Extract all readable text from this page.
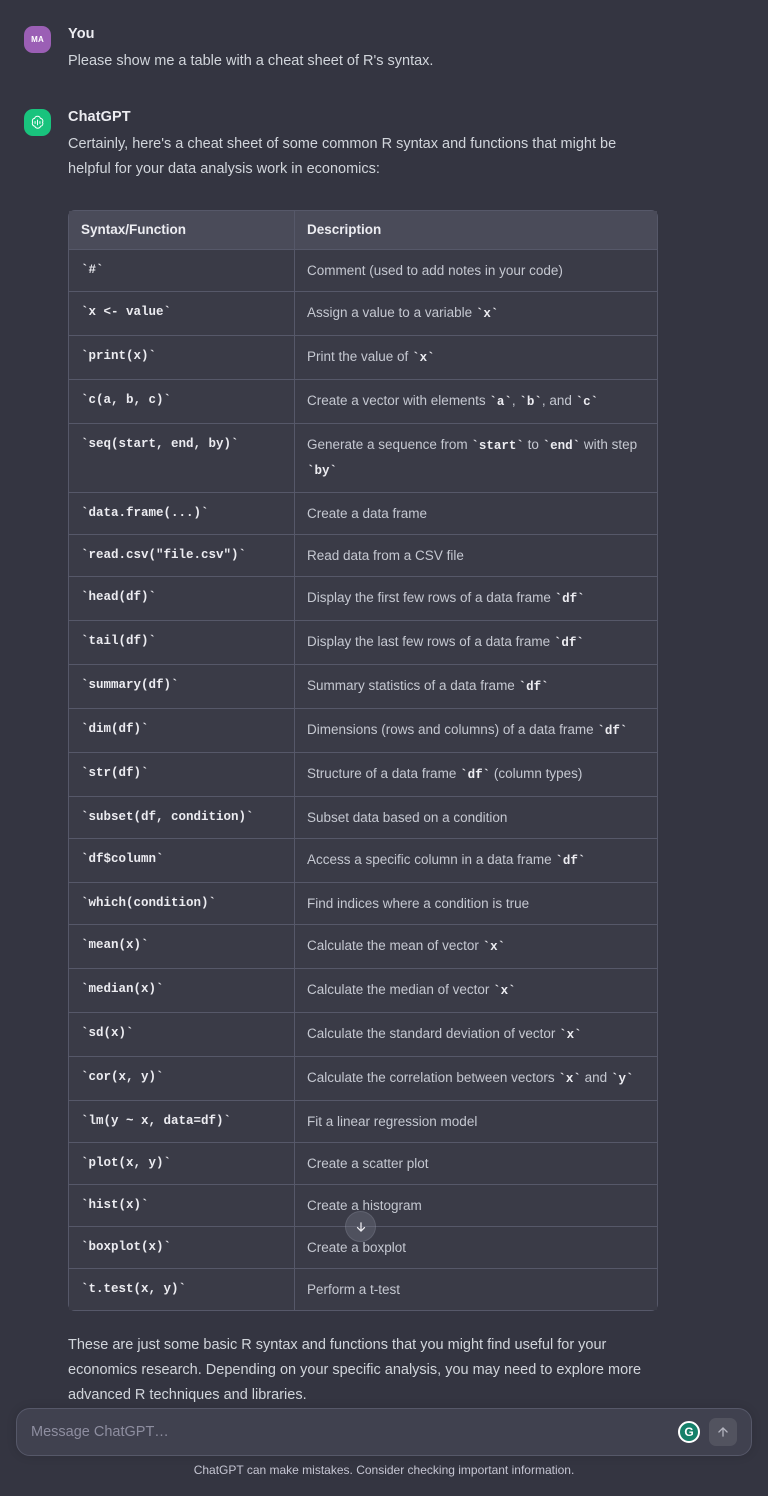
MA You
Please show me a table with a cheat sheet of R's syntax.
ChatGPT
Certainly, here's a cheat sheet of some common R syntax and functions that might be helpful for your data analysis work in economics:
Syntax/Function	Description
`#`	Comment (used to add notes in your code)
`x <- value`	Assign a value to a variable `x`
`print(x)`	Print the value of `x`
`c(a, b, c)`	Create a vector with elements `a`, `b`, and `c`
`seq(start, end, by)`	Generate a sequence from `start` to `end` with step `by`
`data.frame(...)`	Create a data frame
`read.csv("file.csv")`	Read data from a CSV file
`head(df)`	Display the first few rows of a data frame `df`
`tail(df)`	Display the last few rows of a data frame `df`
`summary(df)`	Summary statistics of a data frame `df`
`dim(df)`	Dimensions (rows and columns) of a data frame `df`
`str(df)`	Structure of a data frame `df` (column types)
`subset(df, condition)`	Subset data based on a condition
`df$column`	Access a specific column in a data frame `df`
`which(condition)`	Find indices where a condition is true
`mean(x)`	Calculate the mean of vector `x`
`median(x)`	Calculate the median of vector `x`
`sd(x)`	Calculate the standard deviation of vector `x`
`cor(x, y)`	Calculate the correlation between vectors `x` and `y`
`lm(y ~ x, data=df)`	Fit a linear regression model
`plot(x, y)`	Create a scatter plot
`hist(x)`	Create a histogram
`boxplot(x)`	Create a boxplot
`t.test(x, y)`	Perform a t-test
These are just some basic R syntax and functions that you might find useful for your economics research. Depending on your specific analysis, you may need to explore more advanced R techniques and libraries.
Message ChatGPT…
G
ChatGPT can make mistakes. Consider checking important information.
